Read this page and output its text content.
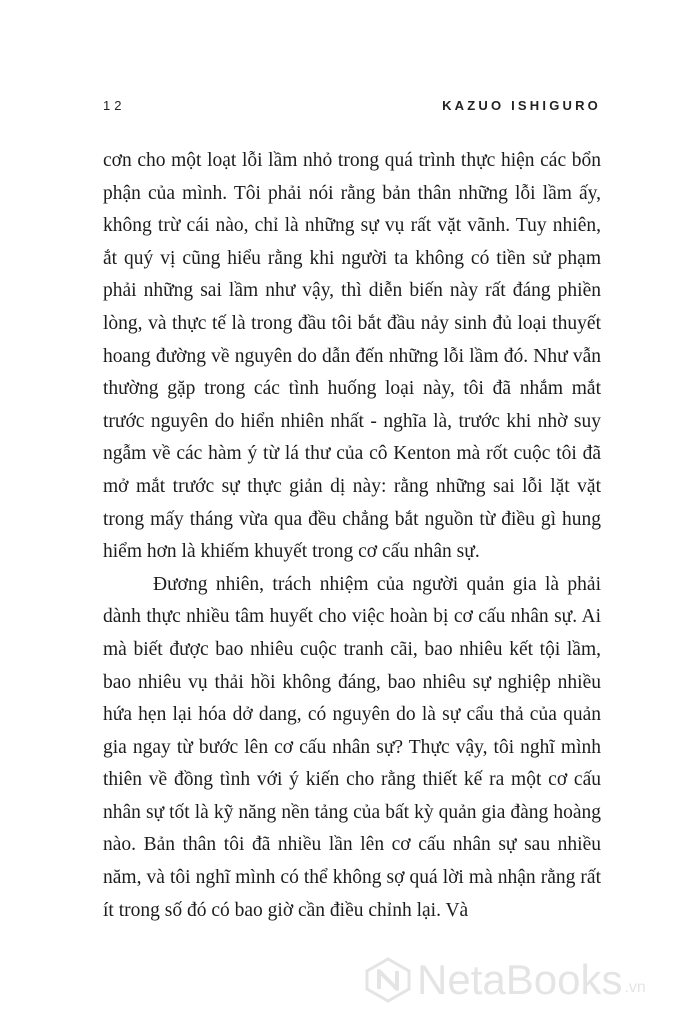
12	KAZUO ISHIGURO

cơn cho một loạt lỗi lầm nhỏ trong quá trình thực hiện các bổn phận của mình. Tôi phải nói rằng bản thân những lỗi lầm ấy, không trừ cái nào, chỉ là những sự vụ rất vặt vãnh. Tuy nhiên, ắt quý vị cũng hiểu rằng khi người ta không có tiền sử phạm phải những sai lầm như vậy, thì diễn biến này rất đáng phiền lòng, và thực tế là trong đầu tôi bắt đầu nảy sinh đủ loại thuyết hoang đường về nguyên do dẫn đến những lỗi lầm đó. Như vẫn thường gặp trong các tình huống loại này, tôi đã nhắm mắt trước nguyên do hiển nhiên nhất - nghĩa là, trước khi nhờ suy ngẫm về các hàm ý từ lá thư của cô Kenton mà rốt cuộc tôi đã mở mắt trước sự thực giản dị này: rằng những sai lỗi lặt vặt trong mấy tháng vừa qua đều chẳng bắt nguồn từ điều gì hung hiểm hơn là khiếm khuyết trong cơ cấu nhân sự.

Đương nhiên, trách nhiệm của người quản gia là phải dành thực nhiều tâm huyết cho việc hoàn bị cơ cấu nhân sự. Ai mà biết được bao nhiêu cuộc tranh cãi, bao nhiêu kết tội lầm, bao nhiêu vụ thải hồi không đáng, bao nhiêu sự nghiệp nhiều hứa hẹn lại hóa dở dang, có nguyên do là sự cẩu thả của quản gia ngay từ bước lên cơ cấu nhân sự? Thực vậy, tôi nghĩ mình thiên về đồng tình với ý kiến cho rằng thiết kế ra một cơ cấu nhân sự tốt là kỹ năng nền tảng của bất kỳ quản gia đàng hoàng nào. Bản thân tôi đã nhiều lần lên cơ cấu nhân sự sau nhiều năm, và tôi nghĩ mình có thể không sợ quá lời mà nhận rằng rất ít trong số đó có bao giờ cần điều chỉnh lại. Và

NetaBooks .vn
